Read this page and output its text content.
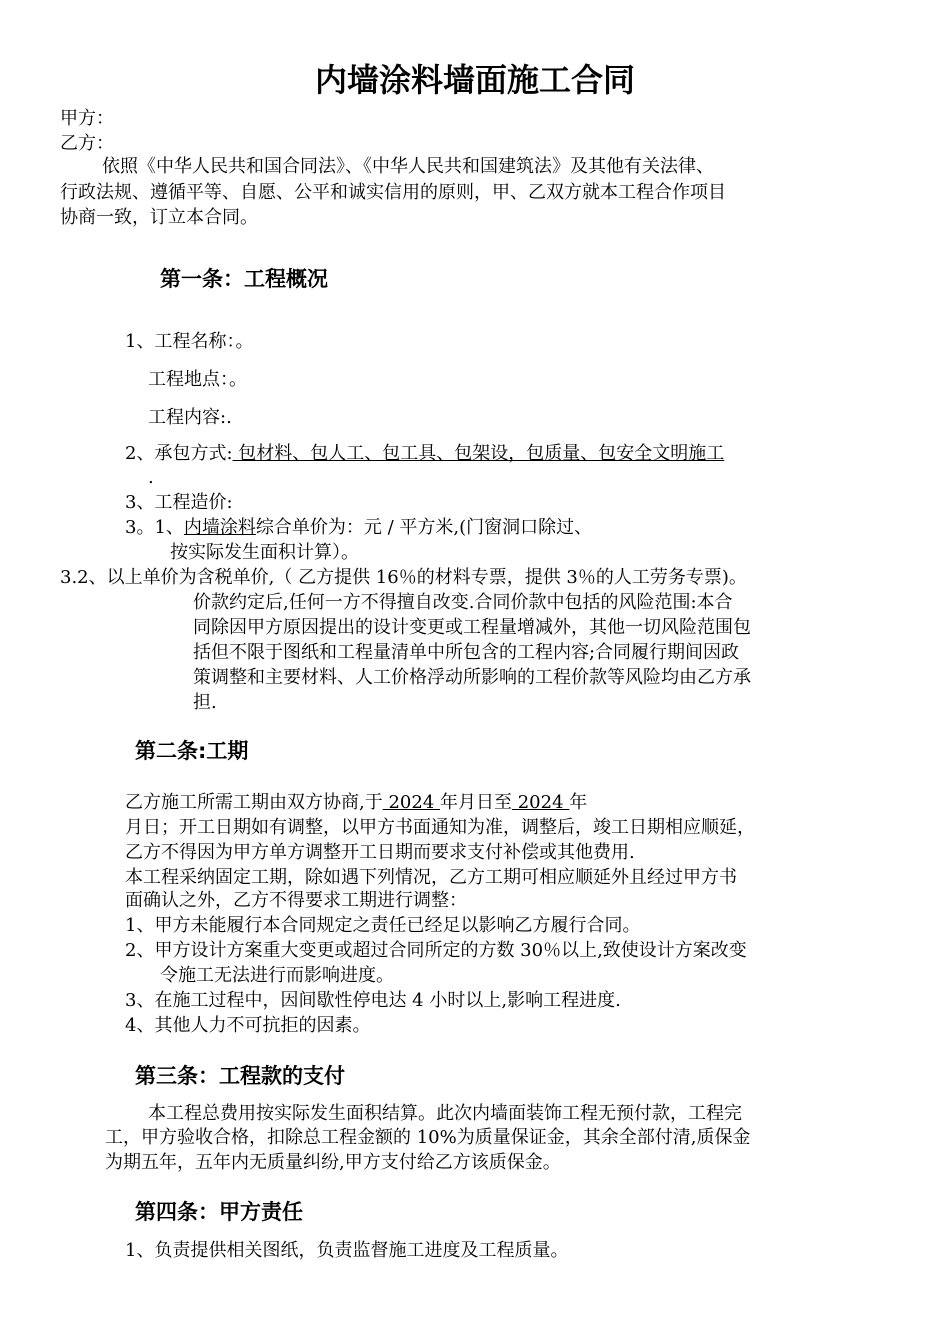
内墙涂料墙面施工合同
甲方：
乙方：
依照《中华人民共和国合同法》、《中华人民共和国建筑法》及其他有关法律、
行政法规、遵循平等、自愿、公平和诚实信用的原则，甲、乙双方就本工程合作项目
协商一致，订立本合同。
第一条：工程概况
1、工程名称：。
工程地点：。
工程内容:.
2、承包方式: 包材料、包人工、包工具、包架设，包质量、包安全文明施工
.
3、工程造价:
3。1、内墙涂料综合单价为：元 / 平方米,(门窗洞口除过、
按实际发生面积计算）。
3.2、以上单价为含税单价,（ 乙方提供 16％的材料专票，提供 3％的人工劳务专票)。
价款约定后,任何一方不得擅自改变.合同价款中包括的风险范围:本合
同除因甲方原因提出的设计变更或工程量增减外，其他一切风险范围包
括但不限于图纸和工程量清单中所包含的工程内容;合同履行期间因政
策调整和主要材料、人工价格浮动所影响的工程价款等风险均由乙方承
担.
第二条:工期
乙方施工所需工期由双方协商,于 2024 年月日至 2024 年
月日；开工日期如有调整，以甲方书面通知为准，调整后，竣工日期相应顺延，
乙方不得因为甲方单方调整开工日期而要求支付补偿或其他费用.
本工程采纳固定工期，除如遇下列情况，乙方工期可相应顺延外且经过甲方书
面确认之外，乙方不得要求工期进行调整：
1、甲方未能履行本合同规定之责任已经足以影响乙方履行合同。
2、甲方设计方案重大变更或超过合同所定的方数 30％以上,致使设计方案改变
令施工无法进行而影响进度。
3、在施工过程中，因间歇性停电达 4 小时以上,影响工程进度.
4、其他人力不可抗拒的因素。
第三条：工程款的支付
本工程总费用按实际发生面积结算。此次内墙面装饰工程无预付款，工程完
工，甲方验收合格，扣除总工程金额的 10%为质量保证金，其余全部付清,质保金
为期五年，五年内无质量纠纷,甲方支付给乙方该质保金。
第四条：甲方责任
1、负责提供相关图纸，负责监督施工进度及工程质量。
